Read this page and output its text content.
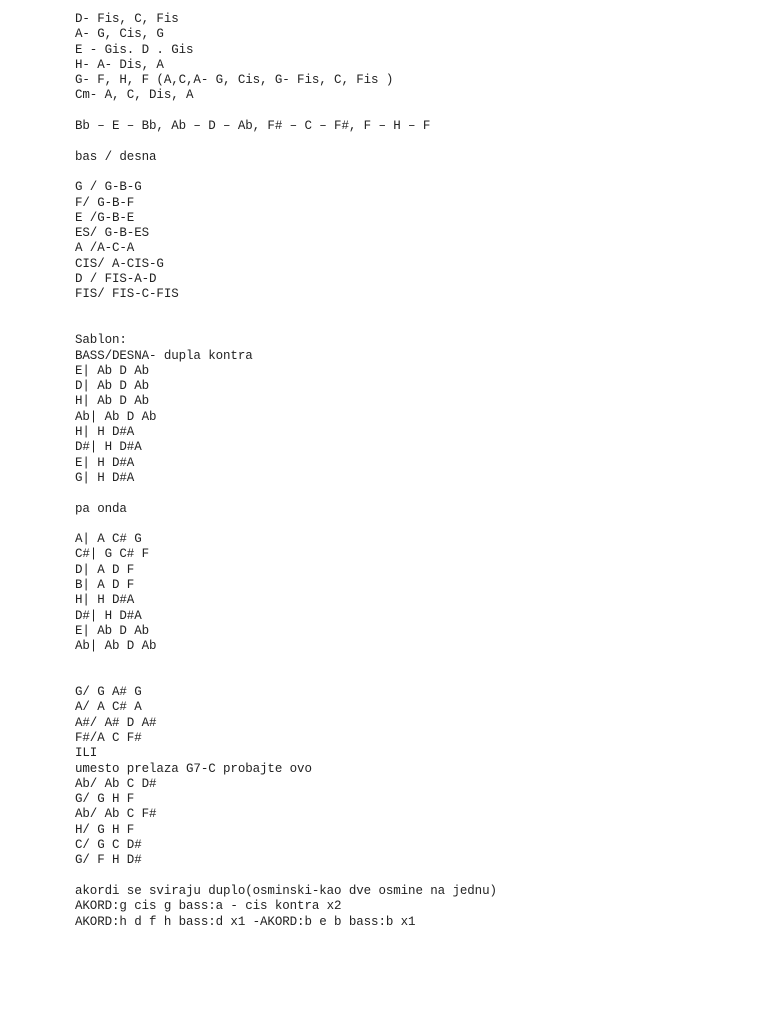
D- Fis, C, Fis
A- G, Cis, G
E - Gis. D . Gis
H- A- Dis, A
G- F, H, F (A,C,A- G, Cis, G- Fis, C, Fis )
Cm- A, C, Dis, A
Bb – E – Bb, Ab – D – Ab, F# – C – F#, F – H – F
bas / desna
G / G-B-G
F/ G-B-F
E /G-B-E
ES/ G-B-ES
A /A-C-A
CIS/ A-CIS-G
D / FIS-A-D
FIS/ FIS-C-FIS
Sablon:
BASS/DESNA- dupla kontra
E| Ab D Ab
D| Ab D Ab
H| Ab D Ab
Ab| Ab D Ab
H| H D#A
D#| H D#A
E| H D#A
G| H D#A
pa onda
A| A C# G
C#| G C# F
D| A D F
B| A D F
H| H D#A
D#| H D#A
E| Ab D Ab
Ab| Ab D Ab
G/ G A# G
A/ A C# A
A#/ A# D A#
F#/A C F#
ILI
umesto prelaza G7-C probajte ovo
Ab/ Ab C D#
G/ G H F
Ab/ Ab C F#
H/ G H F
C/ G C D#
G/ F H D#
akordi se sviraju duplo(osminski-kao dve osmine na jednu)
AKORD:g cis g bass:a - cis kontra x2
AKORD:h d f h bass:d x1 -AKORD:b e b bass:b x1
